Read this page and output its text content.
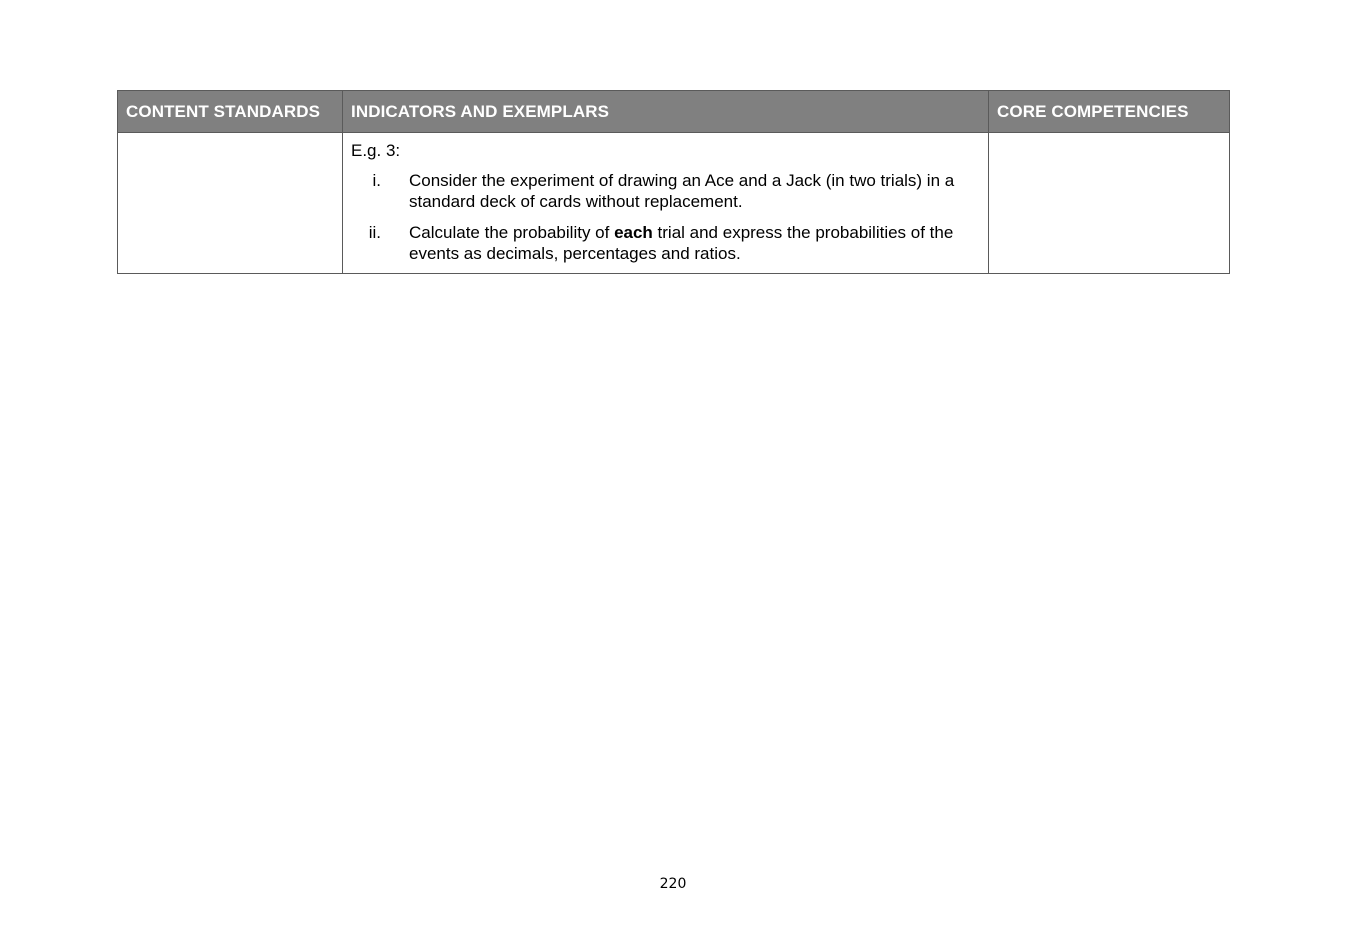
CONTENT STANDARDS	INDICATORS AND EXEMPLARS	CORE COMPETENCIES

	E.g. 3:
i. Consider the experiment of drawing an Ace and a Jack (in two trials) in a standard deck of cards without replacement.
ii. Calculate the probability of each trial and express the probabilities of the events as decimals, percentages and ratios.	

220
